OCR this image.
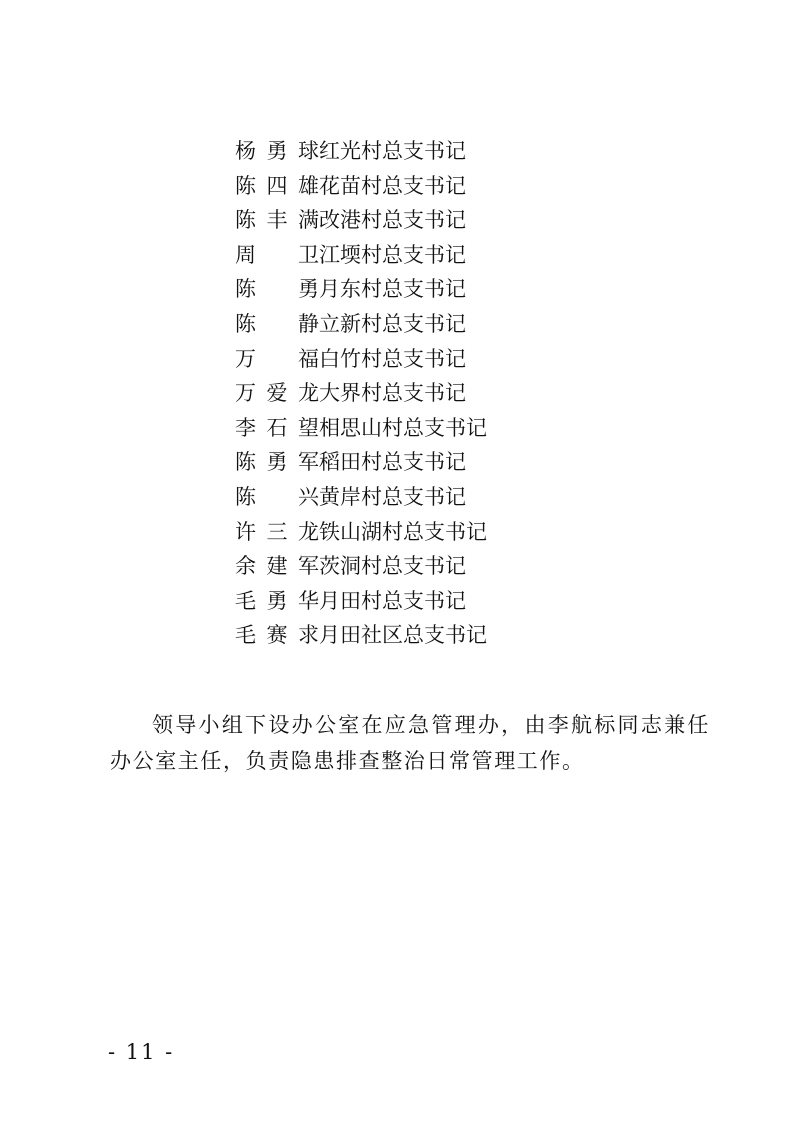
杨勇球 红光村总支书记
陈四雄 花苗村总支书记
陈丰满 改港村总支书记
周卫 江堧村总支书记
陈勇 月东村总支书记
陈静 立新村总支书记
万福 白竹村总支书记
万爱龙 大界村总支书记
李石望 相思山村总支书记
陈勇军 稻田村总支书记
陈兴 黄岸村总支书记
许三龙 铁山湖村总支书记
余建军 茨洞村总支书记
毛勇华 月田村总支书记
毛赛求 月田社区总支书记

领导小组下设办公室在应急管理办，由李航标同志兼任办公室主任，负责隐患排查整治日常管理工作。

- 11 -
